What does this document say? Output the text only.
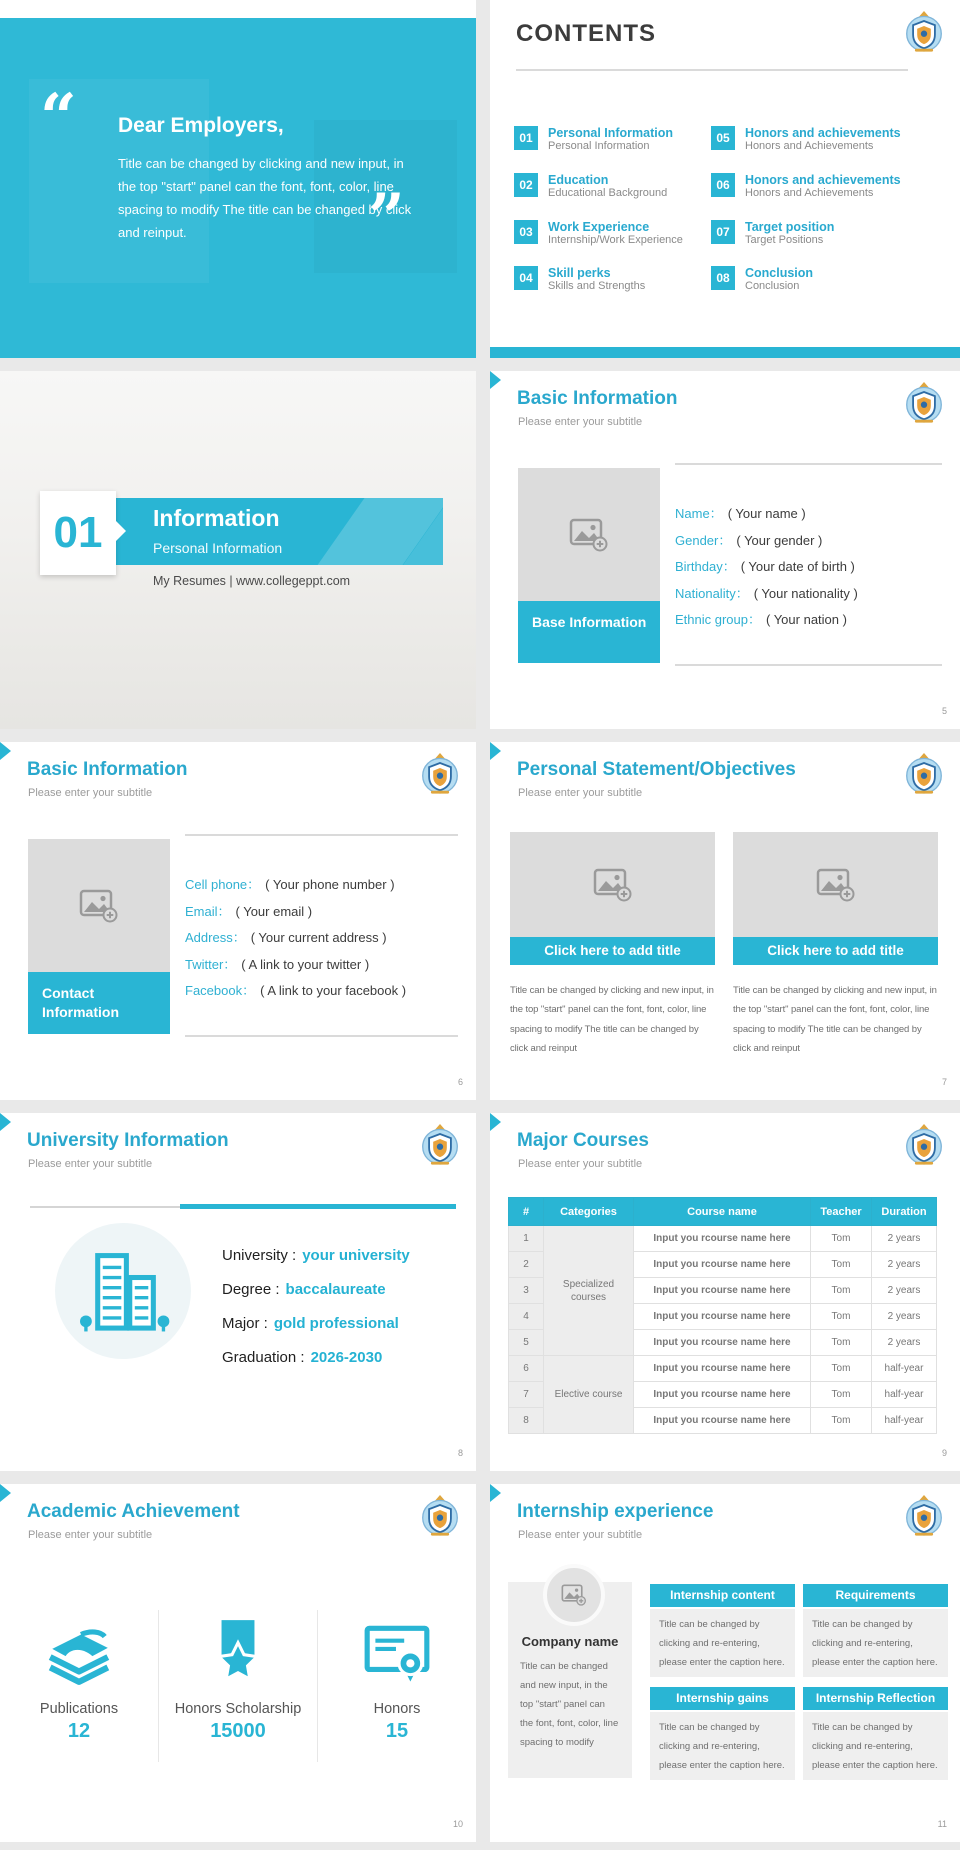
“ Dear Employers,
Title can be changed by clicking and new input, in the top "start" panel can the font, font, color, line spacing to modify The title can be changed by click and reinput.	”
CONTENTS
01	Personal Information
Personal Information
02	Education
Educational Background
03	Work Experience
Internship/Work Experience
04	Skill perks
Skills and Strengths
05	Honors and achievements
Honors and Achievements
06	Honors and achievements
Honors and Achievements
07	Target position
Target Positions
08	Conclusion
Conclusion
Information
Personal Information
01
My Resumes | www.collegeppt.com
Basic Information
Please enter your subtitle
Base Information
Name： ( Your name )
Gender： ( Your gender )
Birthday： ( Your date of birth )
Nationality： ( Your nationality )
Ethnic group： ( Your nation )
5
Basic Information
Please enter your subtitle
Contact Information
Cell phone： ( Your phone number )
Email： ( Your email )
Address： ( Your current address )
Twitter： ( A link to your twitter )
Facebook： ( A link to your facebook )
6
Personal Statement/Objectives
Please enter your subtitle
Click here to add title
Title can be changed by clicking and new input, in the top "start" panel can the font, font, color, line spacing to modify The title can be changed by click and reinput
Click here to add title
Title can be changed by clicking and new input, in the top "start" panel can the font, font, color, line spacing to modify The title can be changed by click and reinput
7
University Information
Please enter your subtitle
University : your university
Degree : baccalaureate
Major : gold professional
Graduation : 2026-2030
8
Major Courses
Please enter your subtitle
#	Categories	Course name	Teacher	Duration
1	Specialized courses	Input you rcourse name here	Tom	2 years
2		Input you rcourse name here	Tom	2 years
3		Input you rcourse name here	Tom	2 years
4		Input you rcourse name here	Tom	2 years
5		Input you rcourse name here	Tom	2 years
6	Elective course	Input you rcourse name here	Tom	half-year
7		Input you rcourse name here	Tom	half-year
8		Input you rcourse name here	Tom	half-year
9
Academic Achievement
Please enter your subtitle
Publications
12
Honors Scholarship
15000
Honors
15
10
Internship experience
Please enter your subtitle
Company name
Title can be changed and new input, in the top "start" panel can the font, font, color, line spacing to modify
Internship content
Title can be changed by clicking and re-entering, please enter the caption here.
Requirements
Title can be changed by clicking and re-entering, please enter the caption here.
Internship gains
Title can be changed by clicking and re-entering, please enter the caption here.
Internship Reflection
Title can be changed by clicking and re-entering, please enter the caption here.
11
